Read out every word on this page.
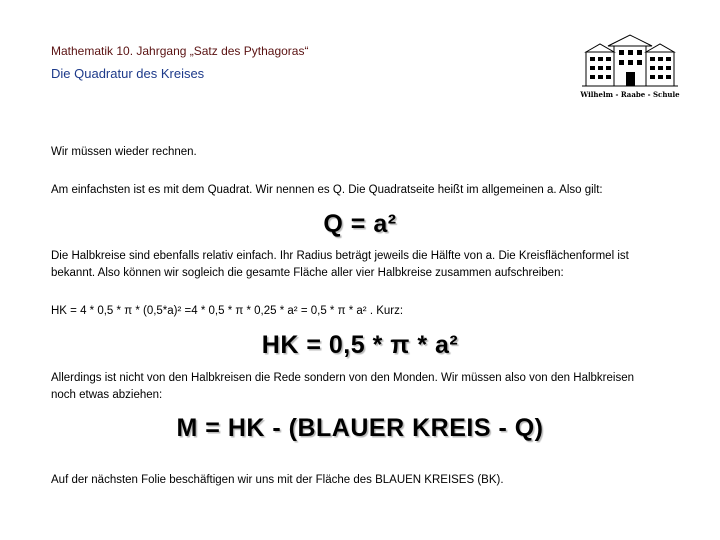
Mathematik 10. Jahrgang „Satz des Pythagoras“
Die Quadratur des Kreises
Wilhelm - Raabe - Schule
Wir müssen wieder rechnen.
Am einfachsten ist es mit dem Quadrat. Wir nennen es Q. Die Quadratseite heißt im allgemeinen a. Also gilt:
Q = a²
Die Halbkreise sind ebenfalls relativ einfach. Ihr Radius beträgt jeweils die Hälfte von a. Die Kreisflächenformel ist bekannt. Also können wir sogleich die gesamte Fläche aller vier Halbkreise zusammen aufschreiben:
HK = 4 * 0,5 * π * (0,5*a)² =4 * 0,5 * π * 0,25 * a² = 0,5 * π * a² . Kurz:
HK = 0,5 * π * a²
Allerdings ist nicht von den Halbkreisen die Rede sondern von den Monden. Wir müssen also von den Halbkreisen noch etwas abziehen:
M = HK - (BLAUER KREIS - Q)
Auf der nächsten Folie beschäftigen wir uns mit der Fläche des BLAUEN KREISES (BK).
